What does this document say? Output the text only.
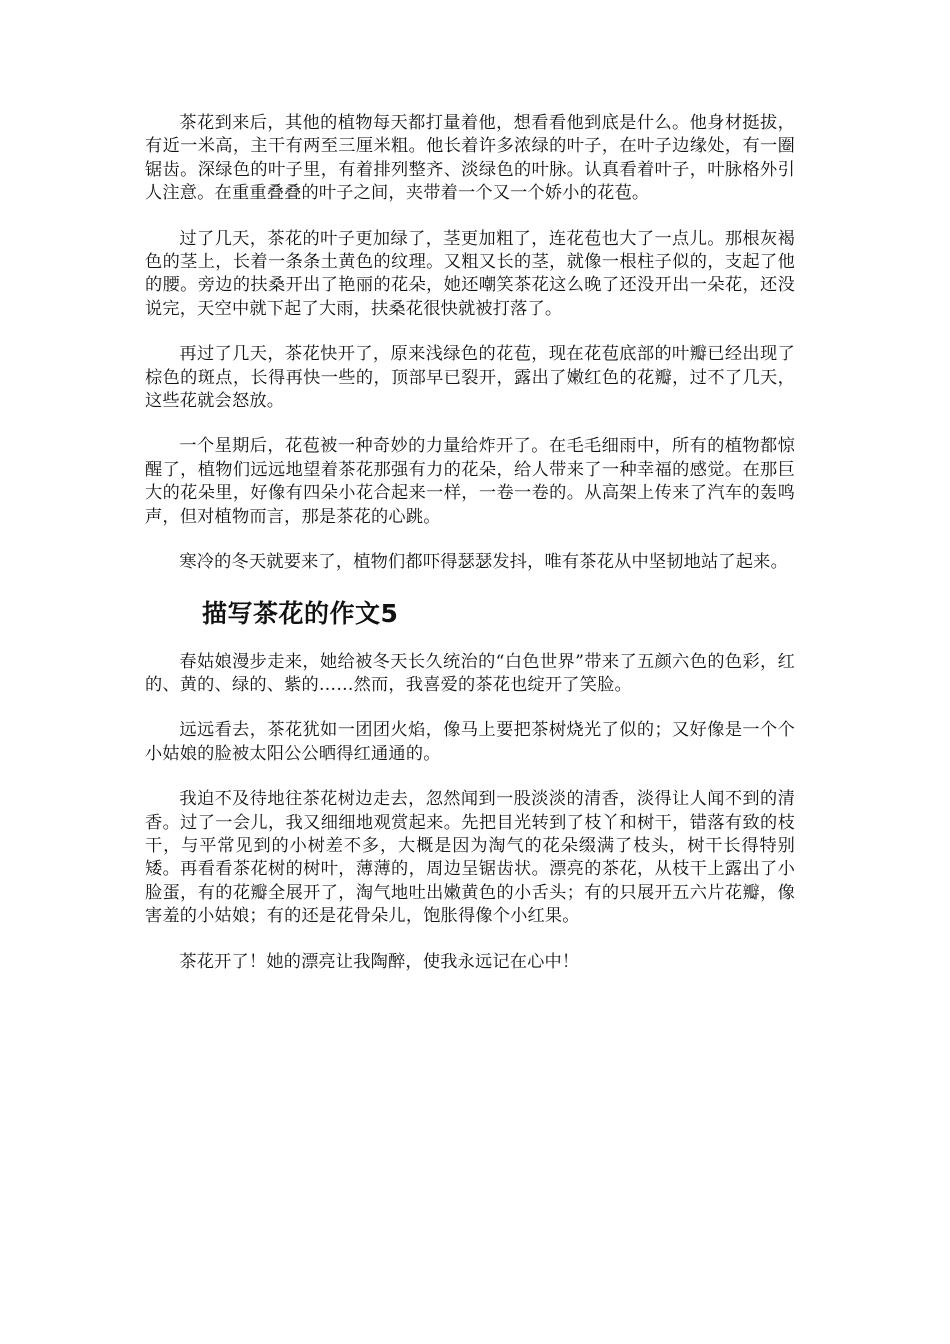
茶花到来后，其他的植物每天都打量着他，想看看他到底是什么。他身材挺拔，有近一米高，主干有两至三厘米粗。他长着许多浓绿的叶子，在叶子边缘处，有一圈锯齿。深绿色的叶子里，有着排列整齐、淡绿色的叶脉。认真看着叶子，叶脉格外引人注意。在重重叠叠的叶子之间，夹带着一个又一个娇小的花苞。

过了几天，茶花的叶子更加绿了，茎更加粗了，连花苞也大了一点儿。那根灰褐色的茎上，长着一条条土黄色的纹理。又粗又长的茎，就像一根柱子似的，支起了他的腰。旁边的扶桑开出了艳丽的花朵，她还嘲笑茶花这么晚了还没开出一朵花，还没说完，天空中就下起了大雨，扶桑花很快就被打落了。

再过了几天，茶花快开了，原来浅绿色的花苞，现在花苞底部的叶瓣已经出现了棕色的斑点，长得再快一些的，顶部早已裂开，露出了嫩红色的花瓣，过不了几天，这些花就会怒放。

一个星期后，花苞被一种奇妙的力量给炸开了。在毛毛细雨中，所有的植物都惊醒了，植物们远远地望着茶花那强有力的花朵，给人带来了一种幸福的感觉。在那巨大的花朵里，好像有四朵小花合起来一样，一卷一卷的。从高架上传来了汽车的轰鸣声，但对植物而言，那是茶花的心跳。

寒冷的冬天就要来了，植物们都吓得瑟瑟发抖，唯有茶花从中坚韧地站了起来。

描写茶花的作文5

春姑娘漫步走来，她给被冬天长久统治的“白色世界”带来了五颜六色的色彩，红的、黄的、绿的、紫的……然而，我喜爱的茶花也绽开了笑脸。

远远看去，茶花犹如一团团火焰，像马上要把茶树烧光了似的；又好像是一个个小姑娘的脸被太阳公公晒得红通通的。

我迫不及待地往茶花树边走去，忽然闻到一股淡淡的清香，淡得让人闻不到的清香。过了一会儿，我又细细地观赏起来。先把目光转到了枝丫和树干，错落有致的枝干，与平常见到的小树差不多，大概是因为淘气的花朵缀满了枝头，树干长得特别矮。再看看茶花树的树叶，薄薄的，周边呈锯齿状。漂亮的茶花，从枝干上露出了小脸蛋，有的花瓣全展开了，淘气地吐出嫩黄色的小舌头；有的只展开五六片花瓣，像害羞的小姑娘；有的还是花骨朵儿，饱胀得像个小红果。

茶花开了！她的漂亮让我陶醉，使我永远记在心中！
